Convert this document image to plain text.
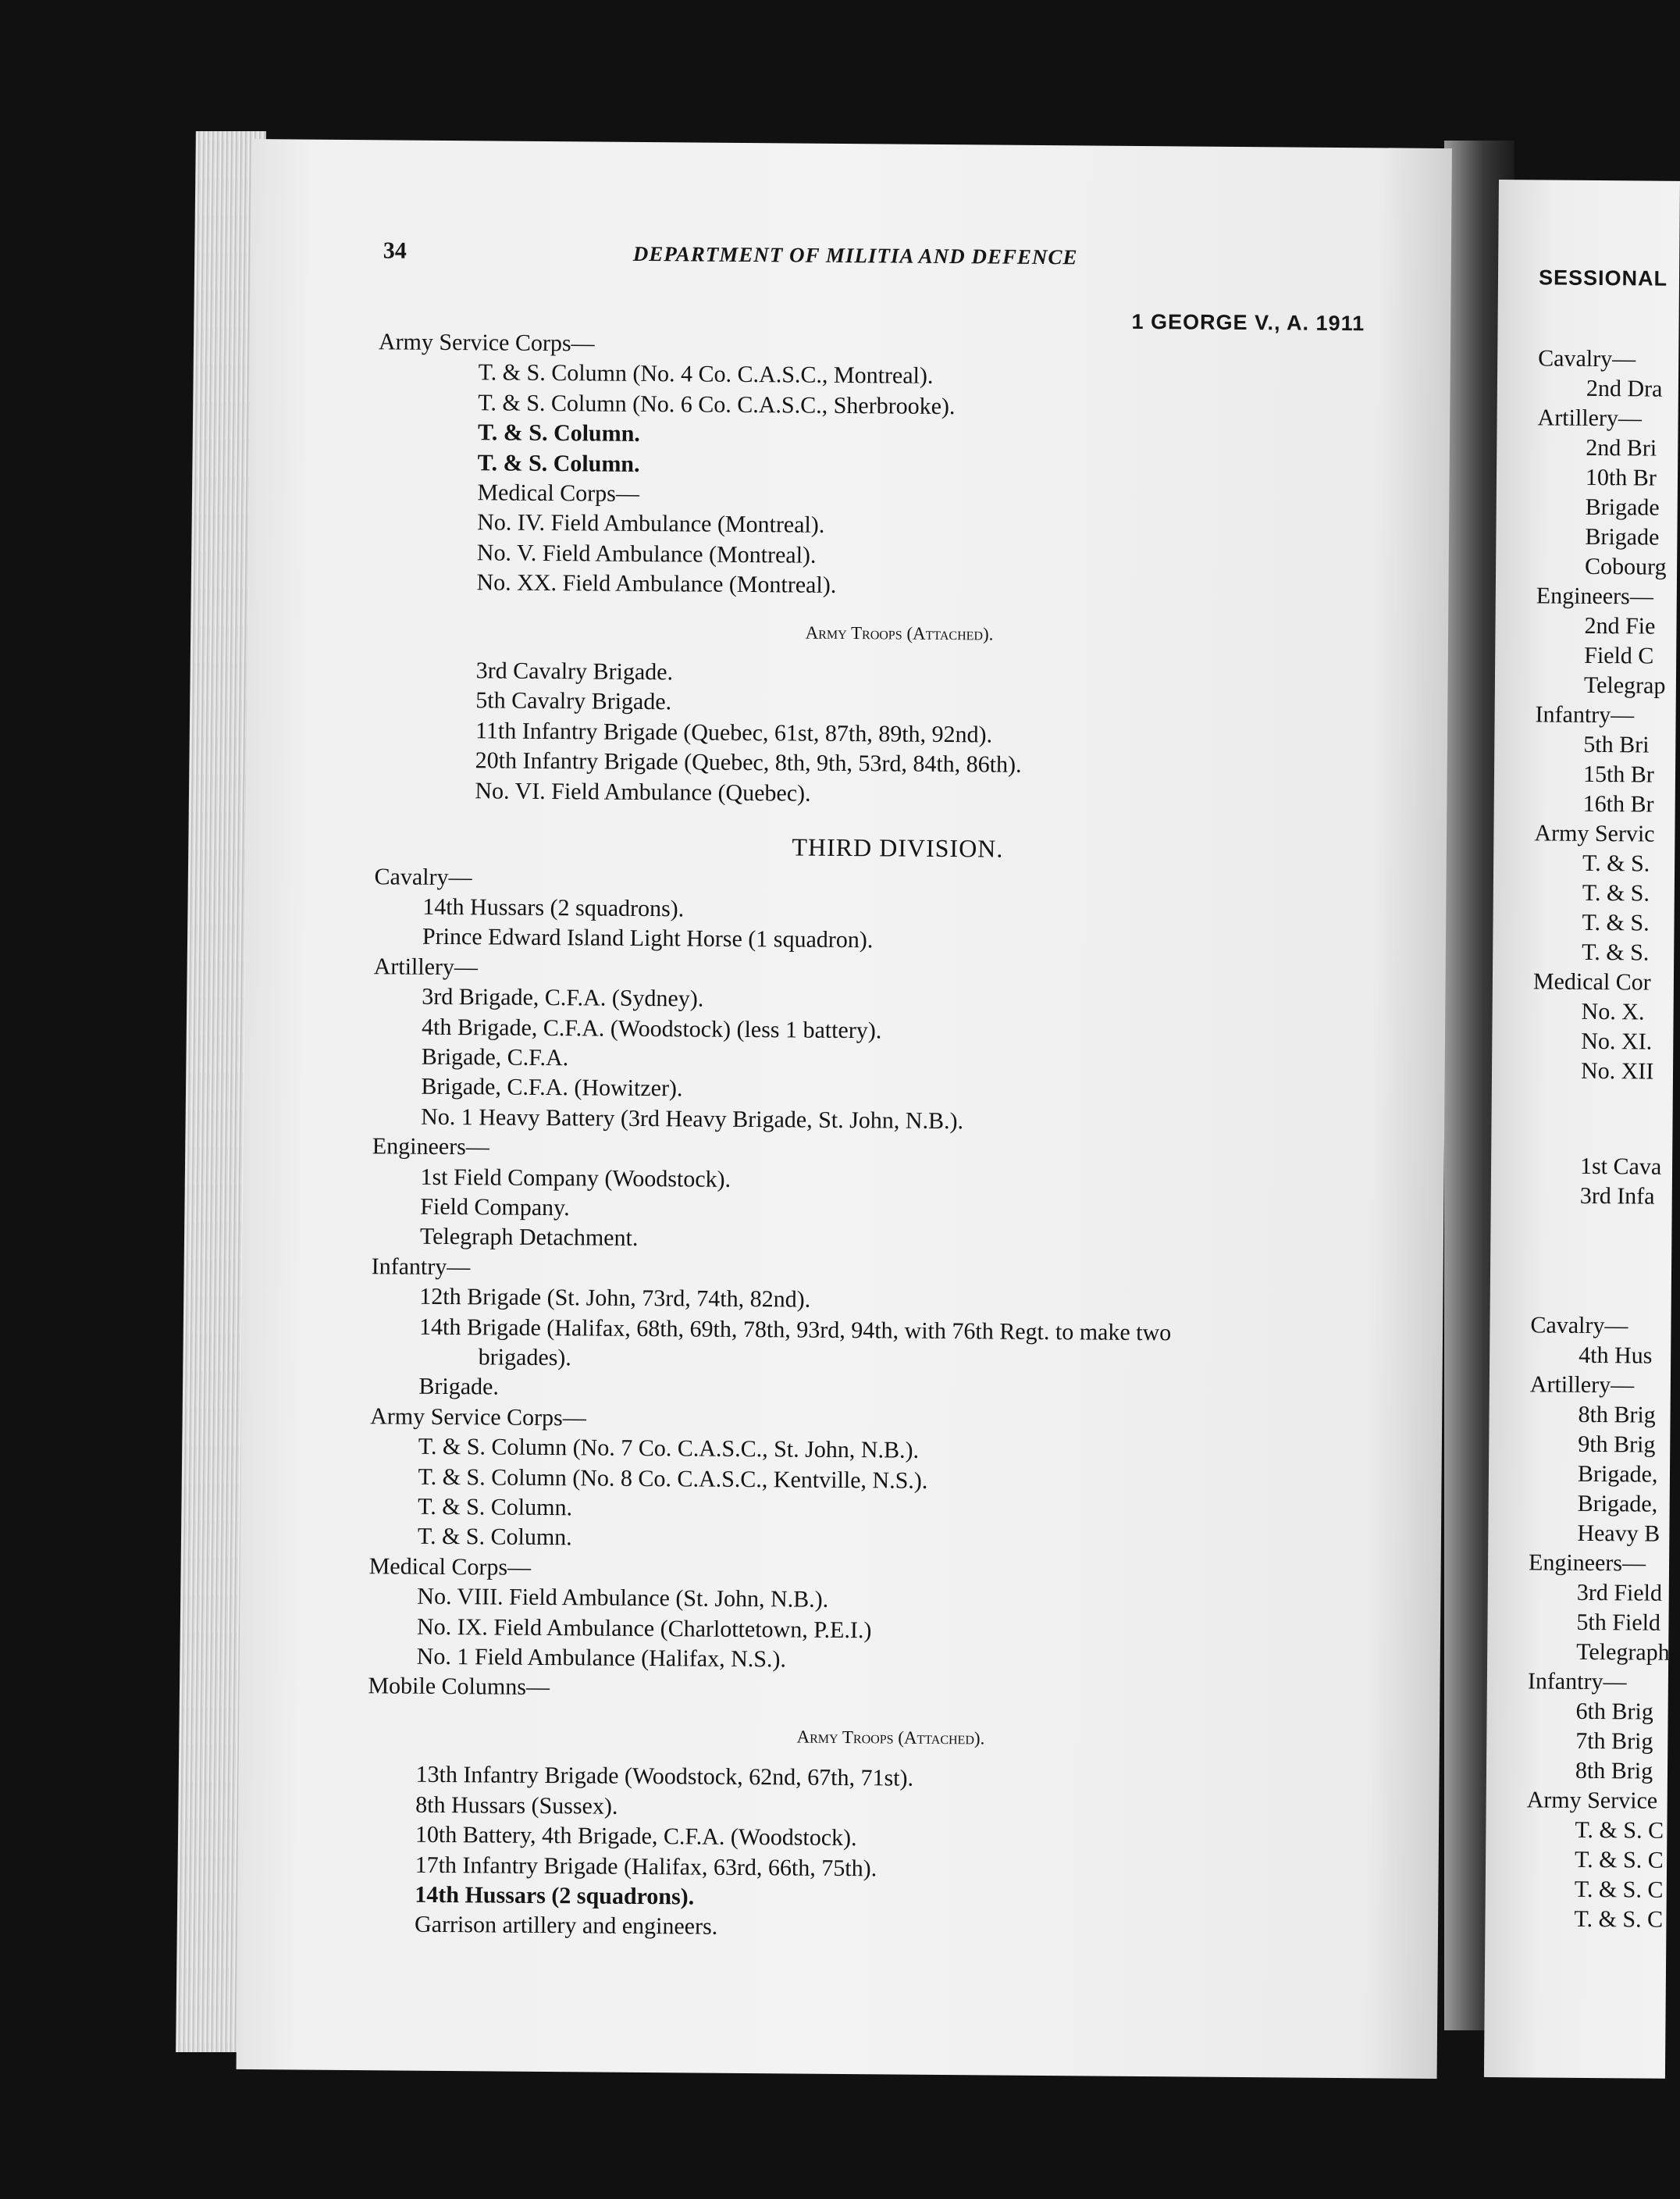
34	DEPARTMENT OF MILITIA AND DEFENCE
1 GEORGE V., A. 1911
Army Service Corps—
T. & S. Column (No. 4 Co. C.A.S.C., Montreal).
T. & S. Column (No. 6 Co. C.A.S.C., Sherbrooke).
T. & S. Column.
T. & S. Column.
Medical Corps—
No. IV. Field Ambulance (Montreal).
No. V. Field Ambulance (Montreal).
No. XX. Field Ambulance (Montreal).
Army Troops (Attached).
3rd Cavalry Brigade.
5th Cavalry Brigade.
11th Infantry Brigade (Quebec, 61st, 87th, 89th, 92nd).
20th Infantry Brigade (Quebec, 8th, 9th, 53rd, 84th, 86th).
No. VI. Field Ambulance (Quebec).
THIRD DIVISION.
Cavalry—
14th Hussars (2 squadrons).
Prince Edward Island Light Horse (1 squadron).
Artillery—
3rd Brigade, C.F.A. (Sydney).
4th Brigade, C.F.A. (Woodstock) (less 1 battery).
Brigade, C.F.A.
Brigade, C.F.A. (Howitzer).
No. 1 Heavy Battery (3rd Heavy Brigade, St. John, N.B.).
Engineers—
1st Field Company (Woodstock).
Field Company.
Telegraph Detachment.
Infantry—
12th Brigade (St. John, 73rd, 74th, 82nd).
14th Brigade (Halifax, 68th, 69th, 78th, 93rd, 94th, with 76th Regt. to make two
brigades).
Brigade.
Army Service Corps—
T. & S. Column (No. 7 Co. C.A.S.C., St. John, N.B.).
T. & S. Column (No. 8 Co. C.A.S.C., Kentville, N.S.).
T. & S. Column.
T. & S. Column.
Medical Corps—
No. VIII. Field Ambulance (St. John, N.B.).
No. IX. Field Ambulance (Charlottetown, P.E.I.)
No. 1 Field Ambulance (Halifax, N.S.).
Mobile Columns—
Army Troops (Attached).
13th Infantry Brigade (Woodstock, 62nd, 67th, 71st).
8th Hussars (Sussex).
10th Battery, 4th Brigade, C.F.A. (Woodstock).
17th Infantry Brigade (Halifax, 63rd, 66th, 75th).
14th Hussars (2 squadrons).
Garrison artillery and engineers.
SESSIONAL
Cavalry—
2nd Dra
Artillery—
2nd Bri
10th Br
Brigade
Brigade
Cobourg
Engineers—
2nd Fie
Field C
Telegrap
Infantry—
5th Bri
15th Br
16th Br
Army Servic
T. & S.
T. & S.
T. & S.
T. & S.
Medical Cor
No. X.
No. XI.
No. XII
1st Cava
3rd Infa
Cavalry—
4th Hus
Artillery—
8th Brig
9th Brig
Brigade,
Brigade,
Heavy B
Engineers—
3rd Field
5th Field
Telegraph
Infantry—
6th Brig
7th Brig
8th Brig
Army Service
T. & S. C
T. & S. C
T. & S. C
T. & S. C
